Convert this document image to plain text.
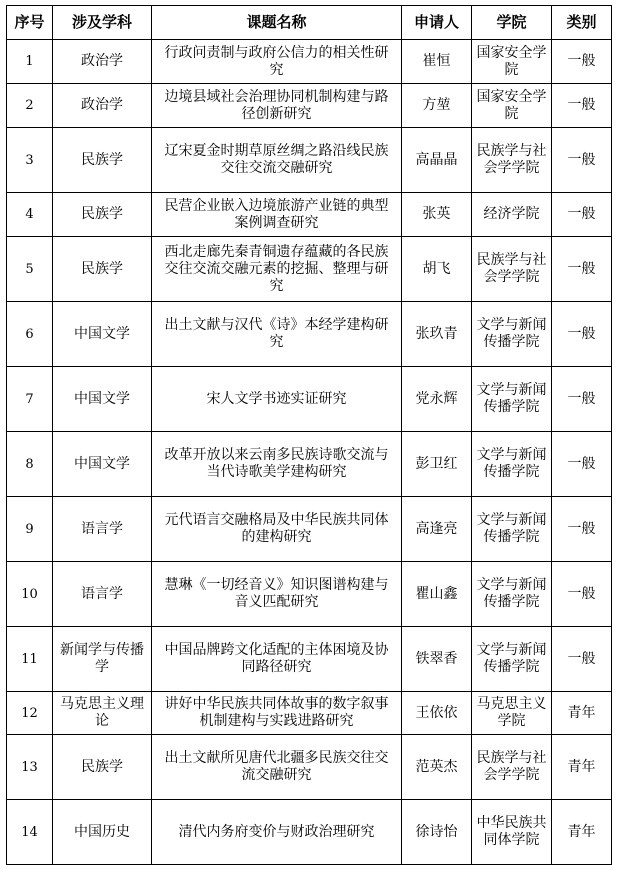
序号	涉及学科	课题名称	申请人	学院	类别
1	政治学	行政问责制与政府公信力的相关性研究	崔恒	国家安全学院	一般
2	政治学	边境县域社会治理协同机制构建与路径创新研究	方堃	国家安全学院	一般
3	民族学	辽宋夏金时期草原丝绸之路沿线民族交往交流交融研究	高晶晶	民族学与社会学学院	一般
4	民族学	民营企业嵌入边境旅游产业链的典型案例调查研究	张英	经济学院	一般
5	民族学	西北走廊先秦青铜遗存蕴藏的各民族交往交流交融元素的挖掘、整理与研究	胡飞	民族学与社会学学院	一般
6	中国文学	出土文献与汉代《诗》本经学建构研究	张玖青	文学与新闻传播学院	一般
7	中国文学	宋人文学书迹实证研究	党永辉	文学与新闻传播学院	一般
8	中国文学	改革开放以来云南多民族诗歌交流与当代诗歌美学建构研究	彭卫红	文学与新闻传播学院	一般
9	语言学	元代语言交融格局及中华民族共同体的建构研究	高逢亮	文学与新闻传播学院	一般
10	语言学	慧琳《一切经音义》知识图谱构建与音义匹配研究	瞿山鑫	文学与新闻传播学院	一般
11	新闻学与传播学	中国品牌跨文化适配的主体困境及协同路径研究	铁翠香	文学与新闻传播学院	一般
12	马克思主义理论	讲好中华民族共同体故事的数字叙事机制建构与实践进路研究	王依依	马克思主义学院	青年
13	民族学	出土文献所见唐代北疆多民族交往交流交融研究	范英杰	民族学与社会学学院	青年
14	中国历史	清代内务府变价与财政治理研究	徐诗怡	中华民族共同体学院	青年
